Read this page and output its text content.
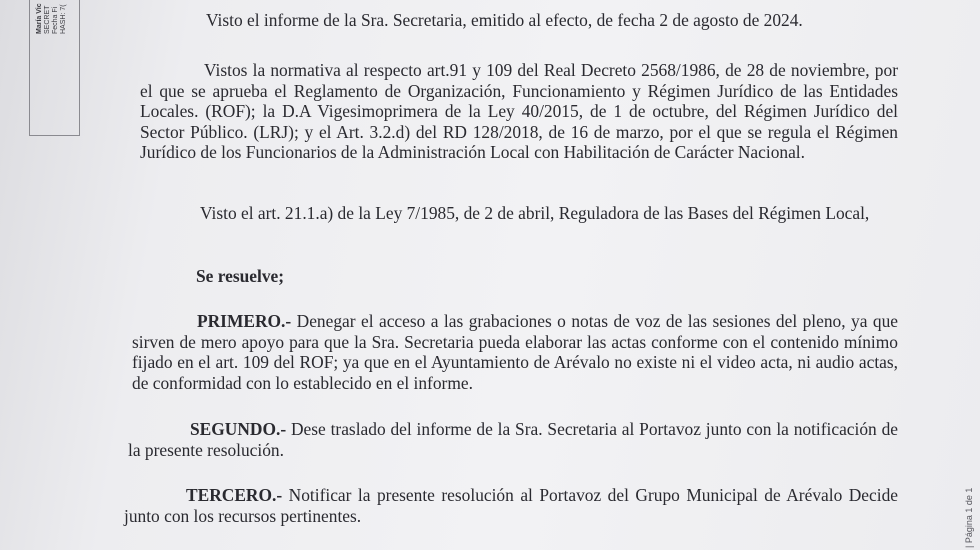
María Vic SECRET Fecha Fi HASH: 7(	Visto el informe de la Sra. Secretaria, emitido al efecto, de fecha 2 de agosto de 2024.

Vistos la normativa al respecto art.91 y 109 del Real Decreto 2568/1986, de 28 de noviembre, por el que se aprueba el Reglamento de Organización, Funcionamiento y Régimen Jurídico de las Entidades Locales. (ROF); la D.A Vigesimoprimera de la Ley 40/2015, de 1 de octubre, del Régimen Jurídico del Sector Público. (LRJ); y el Art. 3.2.d) del RD 128/2018, de 16 de marzo, por el que se regula el Régimen Jurídico de los Funcionarios de la Administración Local con Habilitación de Carácter Nacional.

Visto el art. 21.1.a) de la Ley 7/1985, de 2 de abril, Reguladora de las Bases del Régimen Local,

Se resuelve;

PRIMERO.- Denegar el acceso a las grabaciones o notas de voz de las sesiones del pleno, ya que sirven de mero apoyo para que la Sra. Secretaria pueda elaborar las actas conforme con el contenido mínimo fijado en el art. 109 del ROF; ya que en el Ayuntamiento de Arévalo no existe ni el video acta, ni audio actas, de conformidad con lo establecido en el informe.

SEGUNDO.- Dese traslado del informe de la Sra. Secretaria al Portavoz junto con la notificación de la presente resolución.

TERCERO.- Notificar la presente resolución al Portavoz del Grupo Municipal de Arévalo Decide junto con los recursos pertinentes.	| Página 1 de 1
